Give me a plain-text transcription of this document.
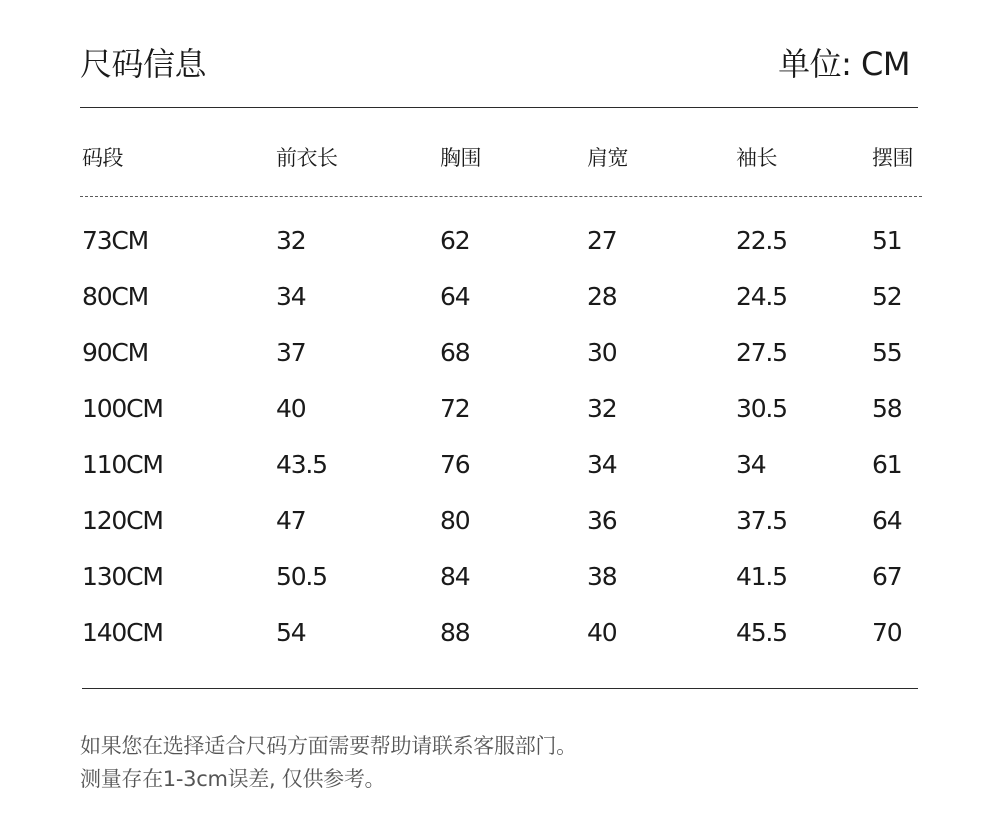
尺码信息	单位: CM
码段	前衣长	胸围	肩宽	袖长	摆围
73CM	32	62	27	22.5	51
80CM	34	64	28	24.5	52
90CM	37	68	30	27.5	55
100CM	40	72	32	30.5	58
110CM	43.5	76	34	34	61
120CM	47	80	36	37.5	64
130CM	50.5	84	38	41.5	67
140CM	54	88	40	45.5	70
如果您在选择适合尺码方面需要帮助请联系客服部门。
测量存在1-3cm误差, 仅供参考。
